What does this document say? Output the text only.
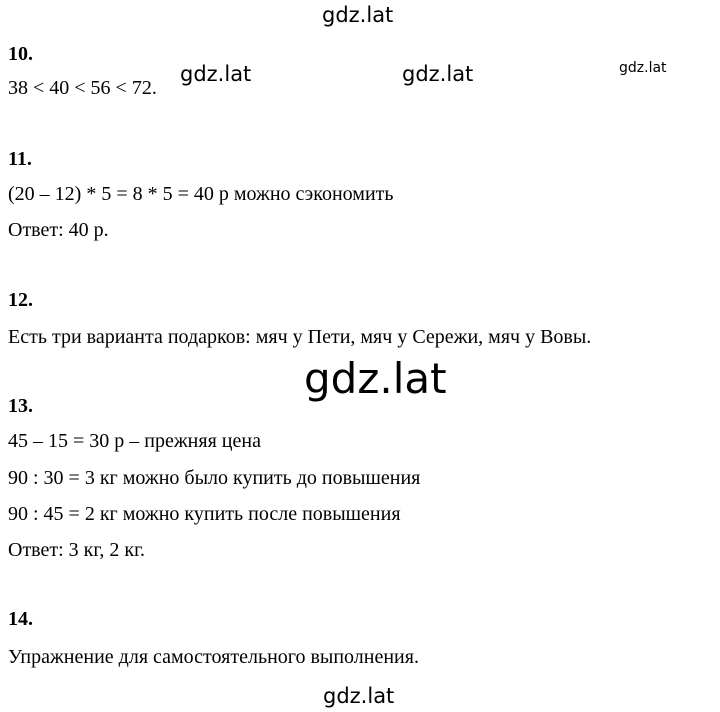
gdz.lat
10.
38 < 40 < 56 < 72.
gdz.lat	gdz.lat	gdz.lat
11.
(20 – 12) * 5 = 8 * 5 = 40 р можно сэкономить
Ответ: 40 р.
12.
Есть три варианта подарков: мяч у Пети, мяч у Сережи, мяч у Вовы.
gdz.lat
13.
45 – 15 = 30 р – прежняя цена
90 : 30 = 3 кг можно было купить до повышения
90 : 45 = 2 кг можно купить после повышения
Ответ: 3 кг, 2 кг.
14.
Упражнение для самостоятельного выполнения.
gdz.lat
